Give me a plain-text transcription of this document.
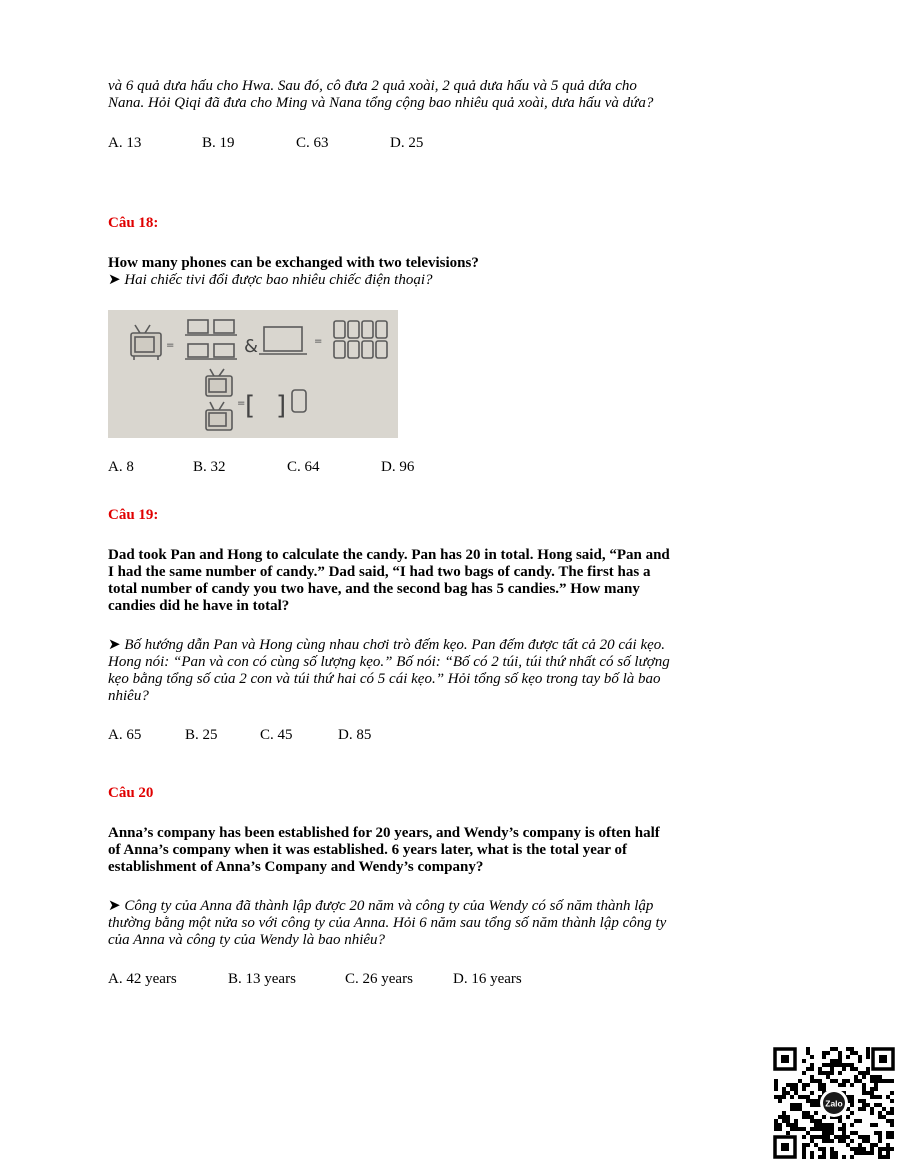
và 6 quả dưa hấu cho Hwa. Sau đó, cô đưa 2 quả xoài, 2 quả dưa hấu và 5 quả dứa cho

Nana. Hỏi Qiqi đã đưa cho Ming và Nana tổng cộng bao nhiêu quả xoài, dưa hấu và dứa?

A. 13	B. 19	C. 63	D. 25

Câu 18:

How many phones can be exchanged with two televisions?

➤ Hai chiếc tivi đổi được bao nhiêu chiếc điện thoại?

=	&	=
= [ ]
A. 8	B. 32	C. 64	D. 96

Câu 19:

Dad took Pan and Hong to calculate the candy. Pan has 20 in total. Hong said, “Pan and

I had the same number of candy.” Dad said, “I had two bags of candy. The first has a

total number of candy you two have, and the second bag has 5 candies.” How many

candies did he have in total?

➤ Bố hướng dẫn Pan và Hong cùng nhau chơi trò đếm kẹo. Pan đếm được tất cả 20 cái kẹo.

Hong nói: “Pan và con có cùng số lượng kẹo.” Bố nói: “Bố có 2 túi, túi thứ nhất có số lượng

kẹo bằng tổng số của 2 con và túi thứ hai có 5 cái kẹo.” Hỏi tổng số kẹo trong tay bố là bao

nhiêu?

A. 65	B. 25	C. 45	D. 85

Câu 20

Anna’s company has been established for 20 years, and Wendy’s company is often half

of Anna’s company when it was established. 6 years later, what is the total year of

establishment of Anna’s Company and Wendy’s company?

➤ Công ty của Anna đã thành lập được 20 năm và công ty của Wendy có số năm thành lập

thường bằng một nửa so với công ty của Anna. Hỏi 6 năm sau tổng số năm thành lập công ty

của Anna và công ty của Wendy là bao nhiêu?

A. 42 years	B. 13 years	C. 26 years	D. 16 years
Zalo
